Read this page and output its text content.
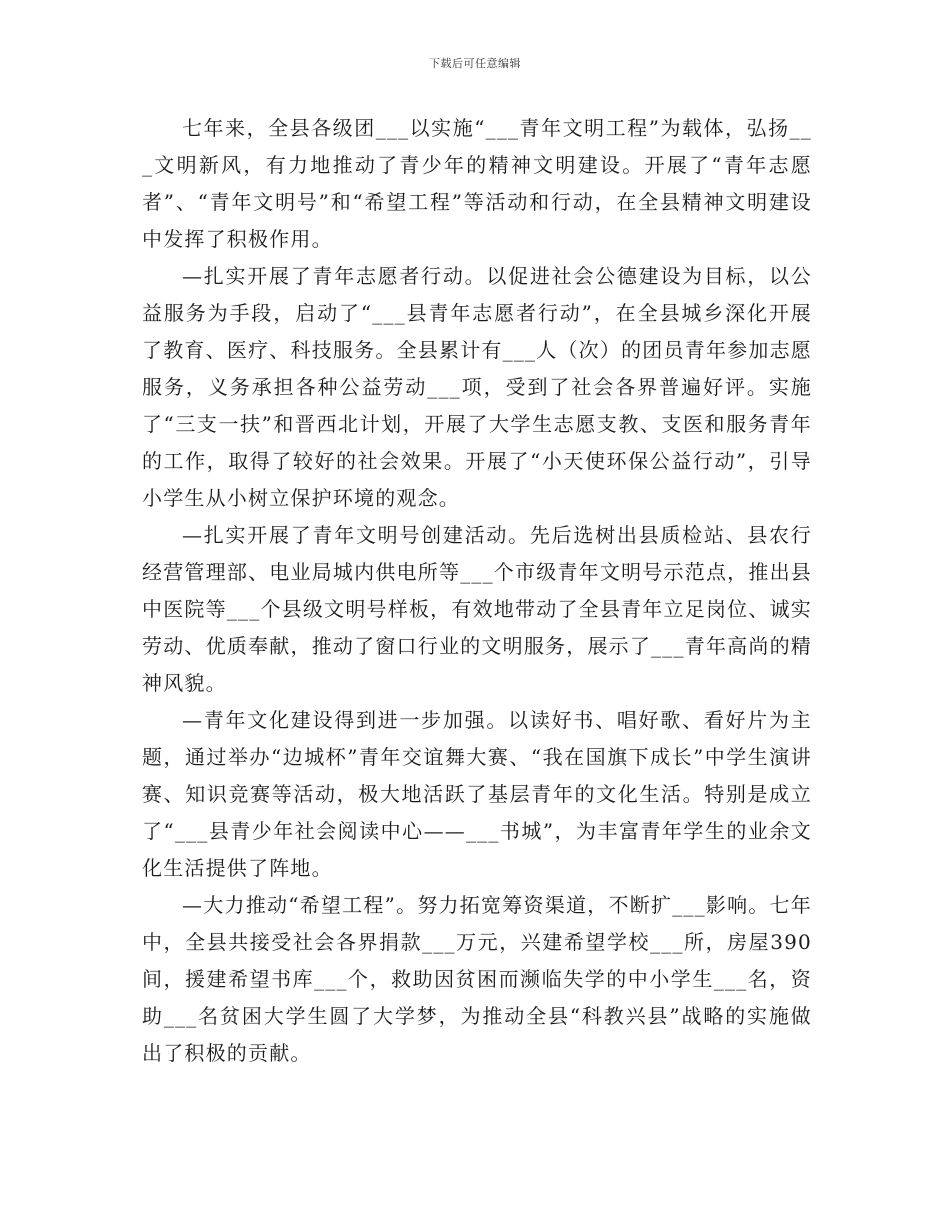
下载后可任意编辑

七年来，全县各级团___以实施“___青年文明工程”为载体，弘扬___文明新风，有力地推动了青少年的精神文明建设。开展了“青年志愿者”、“青年文明号”和“希望工程”等活动和行动，在全县精神文明建设中发挥了积极作用。

—扎实开展了青年志愿者行动。以促进社会公德建设为目标，以公益服务为手段，启动了“___县青年志愿者行动”，在全县城乡深化开展了教育、医疗、科技服务。全县累计有___人（次）的团员青年参加志愿服务，义务承担各种公益劳动___项，受到了社会各界普遍好评。实施了“三支一扶”和晋西北计划，开展了大学生志愿支教、支医和服务青年的工作，取得了较好的社会效果。开展了“小天使环保公益行动”，引导小学生从小树立保护环境的观念。

—扎实开展了青年文明号创建活动。先后选树出县质检站、县农行经营管理部、电业局城内供电所等___个市级青年文明号示范点，推出县中医院等___个县级文明号样板，有效地带动了全县青年立足岗位、诚实劳动、优质奉献，推动了窗口行业的文明服务，展示了___青年高尚的精神风貌。

—青年文化建设得到进一步加强。以读好书、唱好歌、看好片为主题，通过举办“边城杯”青年交谊舞大赛、“我在国旗下成长”中学生演讲赛、知识竞赛等活动，极大地活跃了基层青年的文化生活。特别是成立了“___县青少年社会阅读中心——___书城”，为丰富青年学生的业余文化生活提供了阵地。

—大力推动“希望工程”。努力拓宽筹资渠道，不断扩___影响。七年中，全县共接受社会各界捐款___万元，兴建希望学校___所，房屋390间，援建希望书库___个，救助因贫困而濒临失学的中小学生___名，资助___名贫困大学生圆了大学梦，为推动全县“科教兴县”战略的实施做出了积极的贡献。
